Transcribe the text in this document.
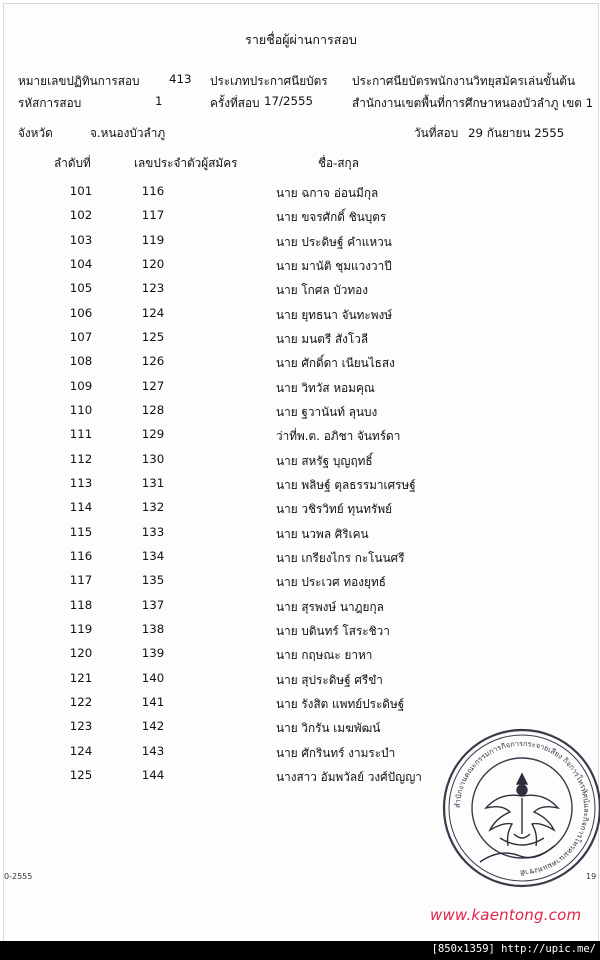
รายชื่อผู้ผ่านการสอบ
หมายเลขปฏิทินการสอบ 413 ประเภทประกาศนียบัตร ประกาศนียบัตรพนักงานวิทยุสมัครเล่นขั้นต้น
รหัสการสอบ	1	ครั้งที่สอบ 17/2555	สำนักงานเขตพื้นที่การศึกษาหนองบัวลำภู เขต 1
จังหวัด	จ.หนองบัวลำภู	วันที่สอบ 29 กันยายน 2555
ลำดับที่	เลขประจำตัวผู้สมัคร	ชื่อ-สกุล
101	116	นาย ฉกาจ อ่อนมีกุล
102	117	นาย ขจรศักดิ์ ชินบุตร
103	119	นาย ประดิษฐ์ คำแหวน
104	120	นาย มานัติ ชุมแวงวาปี
105	123	นาย โกศล บัวทอง
106	124	นาย ยุทธนา จันทะพงษ์
107	125	นาย มนตรี สังโวลี
108	126	นาย ศักดิ์ดา เนียนไธสง
109	127	นาย วิทวัส หอมคุณ
110	128	นาย ฐวานันท์ ลุนบง
111	129	ว่าที่พ.ต. อภิชา จันทร์ดา
112	130	นาย สหรัฐ บุญฤทธิ์
113	131	นาย พลิษฐ์ ตุลธรรมาเศรษฐ์
114	132	นาย วชิรวิทย์ ทุนทรัพย์
115	133	นาย นวพล ศิริเคน
116	134	นาย เกรียงไกร กะโนนศรี
117	135	นาย ประเวศ ทองยุทธ์
118	137	นาย สุรพงษ์ นาฎยกุล
119	138	นาย บดินทร์ โสระชิวา
120	139	นาย กฤษณะ ยาหา
121	140	นาย สุประดิษฐ์ ศรีขำ
122	141	นาย รังสิต แพทย์ประดิษฐ์
123	142	นาย วิกรัน เมฆพัฒน์
124	143	นาย ศักรินทร์ งามระบำ
125	144	นางสาว อัมพวัลย์ วงศ์ปัญญา
0-2555	19
สำนักงานคณะกรรมการกิจการกระจายเสียง กิจการโทรทัศน์และกิจการโทรคมนาคมแห่งชาติ
www.kaentong.com
[850x1359] http://upic.me/
